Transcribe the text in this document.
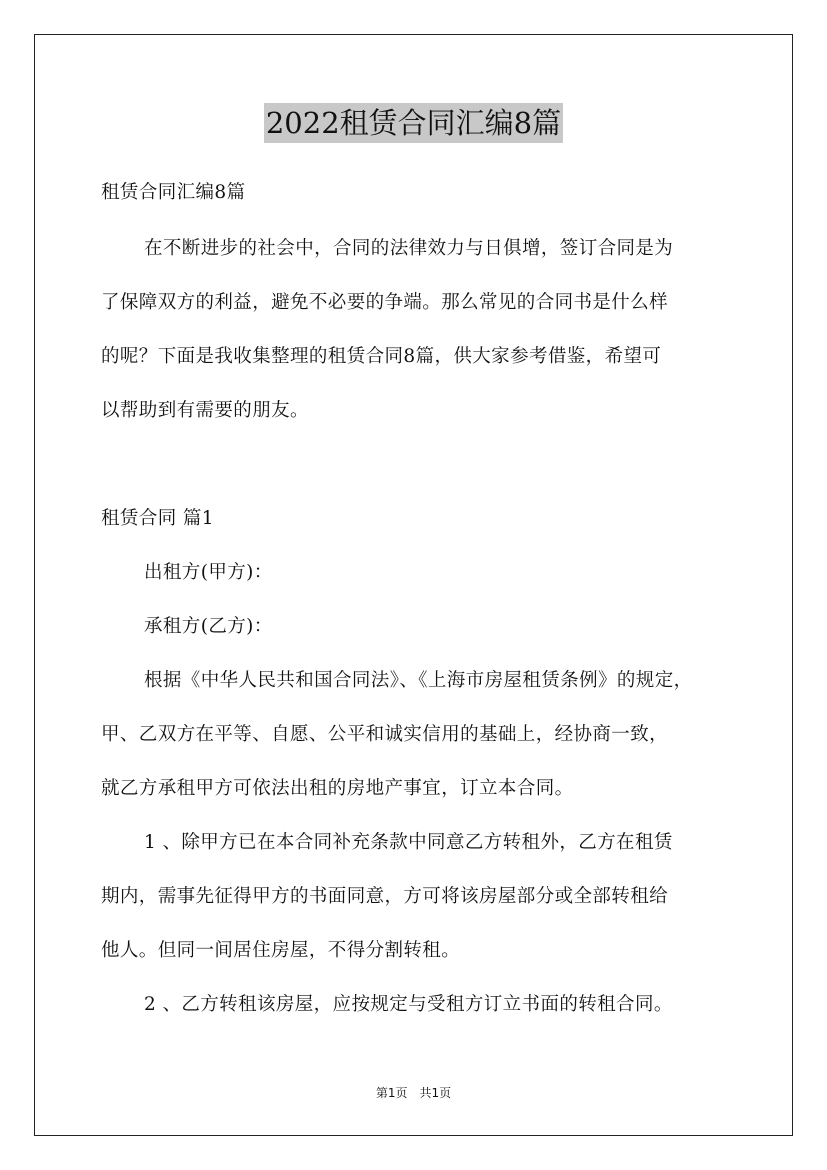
2022租赁合同汇编8篇
租赁合同汇编8篇
在不断进步的社会中，合同的法律效力与日俱增，签订合同是为
了保障双方的利益，避免不必要的争端。那么常见的合同书是什么样
的呢？下面是我收集整理的租赁合同8篇，供大家参考借鉴，希望可
以帮助到有需要的朋友。
租赁合同 篇1
出租方(甲方)：
承租方(乙方)：
根据《中华人民共和国合同法》、《上海市房屋租赁条例》的规定，
甲、乙双方在平等、自愿、公平和诚实信用的基础上，经协商一致，
就乙方承租甲方可依法出租的房地产事宜，订立本合同。
1 、除甲方已在本合同补充条款中同意乙方转租外，乙方在租赁
期内，需事先征得甲方的书面同意，方可将该房屋部分或全部转租给
他人。但同一间居住房屋，不得分割转租。
2 、乙方转租该房屋，应按规定与受租方订立书面的转租合同。
第1页　共1页
